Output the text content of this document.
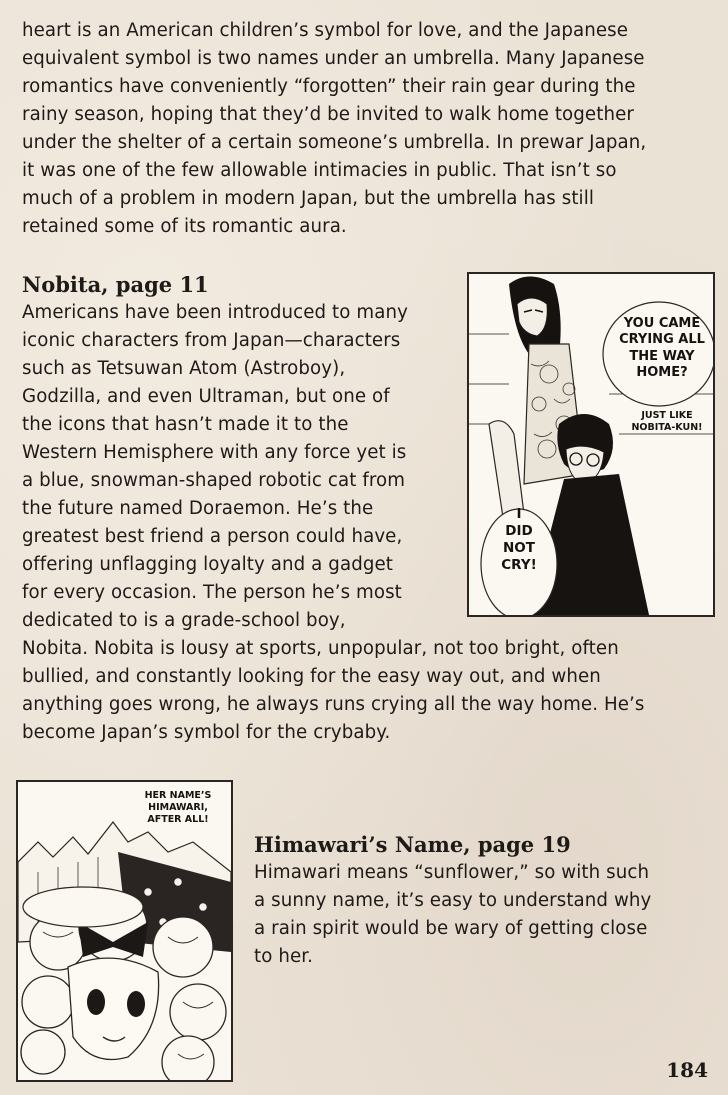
heart is an American children’s symbol for love, and the Japanese
equivalent symbol is two names under an umbrella. Many Japanese
romantics have conveniently “forgotten” their rain gear during the
rainy season, hoping that they’d be invited to walk home together
under the shelter of a certain someone’s umbrella. In prewar Japan,
it was one of the few allowable intimacies in public. That isn’t so
much of a problem in modern Japan, but the umbrella has still
retained some of its romantic aura.
Nobita, page 11
Americans have been introduced to many
iconic characters from Japan—characters
such as Tetsuwan Atom (Astroboy),
Godzilla, and even Ultraman, but one of
the icons that hasn’t made it to the
Western Hemisphere with any force yet is
a blue, snowman-shaped robotic cat from
the future named Doraemon. He’s the
greatest best friend a person could have,
offering unflagging loyalty and a gadget
for every occasion. The person he’s most
dedicated to is a grade-school boy,
Nobita. Nobita is lousy at sports, unpopular, not too bright, often
bullied, and constantly looking for the easy way out, and when
anything goes wrong, he always runs crying all the way home. He’s
become Japan’s symbol for the crybaby.
YOU CAME
CRYING ALL
THE WAY
HOME?
JUST LIKE
NOBITA-KUN!
I
DID
NOT
CRY!
HER NAME’S
HIMAWARI,
AFTER ALL!
Himawari’s Name, page 19
Himawari means “sunflower,” so with such
a sunny name, it’s easy to understand why
a rain spirit would be wary of getting close
to her.
184
